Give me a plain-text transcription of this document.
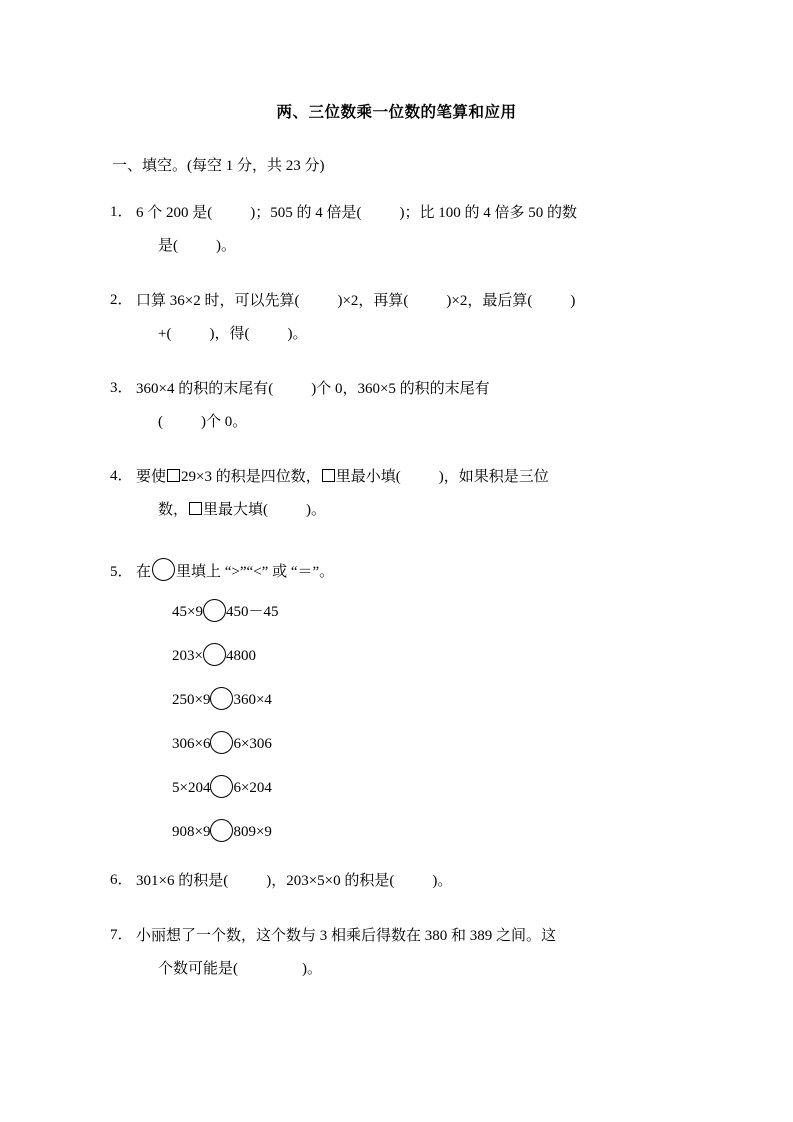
两、三位数乘一位数的笔算和应用
一、填空。(每空 1 分，共 23 分)
1． 6 个 200 是(	)；505 的 4 倍是(	)；比 100 的 4 倍多 50 的数
是(	)。
2． 口算 36×2 时，可以先算(	)×2，再算(	)×2，最后算(	)
+(	)，得(	)。
3． 360×4 的积的末尾有(	)个 0，360×5 的积的末尾有
(	)个 0。
4． 要使 29×3 的积是四位数， 里最小填(	)，如果积是三位
数， 里最大填(	)。
5． 在 里填上 “>”“<” 或 “＝”。
45×9 450－45
203× 4800
250×9 360×4
306×6 6×306
5×204 6×204
908×9 809×9
6． 301×6 的积是(	)，203×5×0 的积是(	)。
7． 小丽想了一个数，这个数与 3 相乘后得数在 380 和 389 之间。这
个数可能是(	)。
